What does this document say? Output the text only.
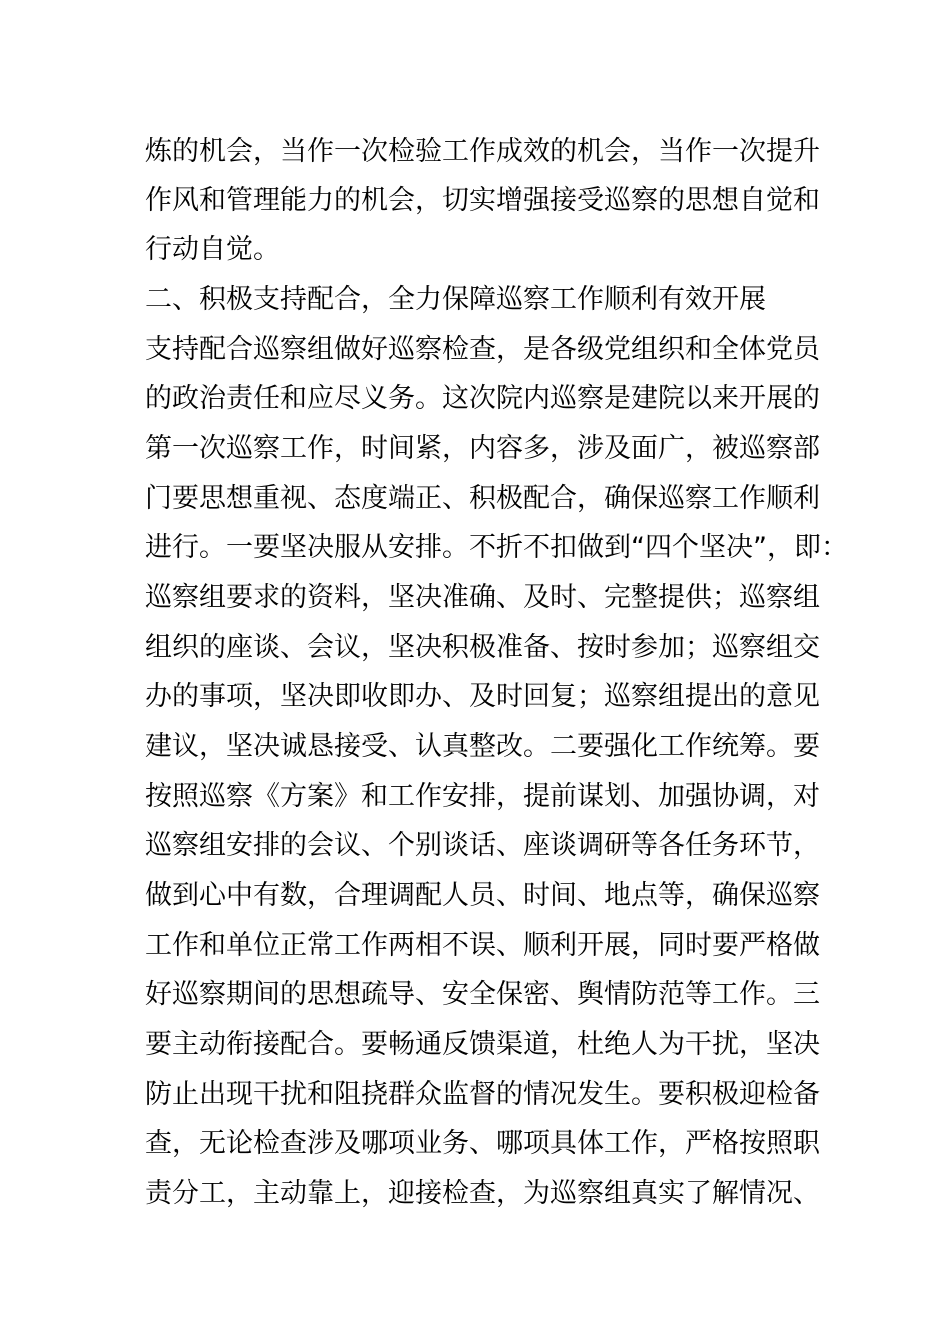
炼的机会，当作一次检验工作成效的机会，当作一次提升
作风和管理能力的机会，切实增强接受巡察的思想自觉和
行动自觉。
二、积极支持配合，全力保障巡察工作顺利有效开展
支持配合巡察组做好巡察检查，是各级党组织和全体党员
的政治责任和应尽义务。这次院内巡察是建院以来开展的
第一次巡察工作，时间紧，内容多，涉及面广，被巡察部
门要思想重视、态度端正、积极配合，确保巡察工作顺利
进行。一要坚决服从安排。不折不扣做到“四个坚决”，即：
巡察组要求的资料，坚决准确、及时、完整提供；巡察组
组织的座谈、会议，坚决积极准备、按时参加；巡察组交
办的事项，坚决即收即办、及时回复；巡察组提出的意见
建议，坚决诚恳接受、认真整改。二要强化工作统筹。要
按照巡察《方案》和工作安排，提前谋划、加强协调，对
巡察组安排的会议、个别谈话、座谈调研等各任务环节，
做到心中有数，合理调配人员、时间、地点等，确保巡察
工作和单位正常工作两相不误、顺利开展，同时要严格做
好巡察期间的思想疏导、安全保密、舆情防范等工作。三
要主动衔接配合。要畅通反馈渠道，杜绝人为干扰，坚决
防止出现干扰和阻挠群众监督的情况发生。要积极迎检备
查，无论检查涉及哪项业务、哪项具体工作，严格按照职
责分工，主动靠上，迎接检查，为巡察组真实了解情况、
